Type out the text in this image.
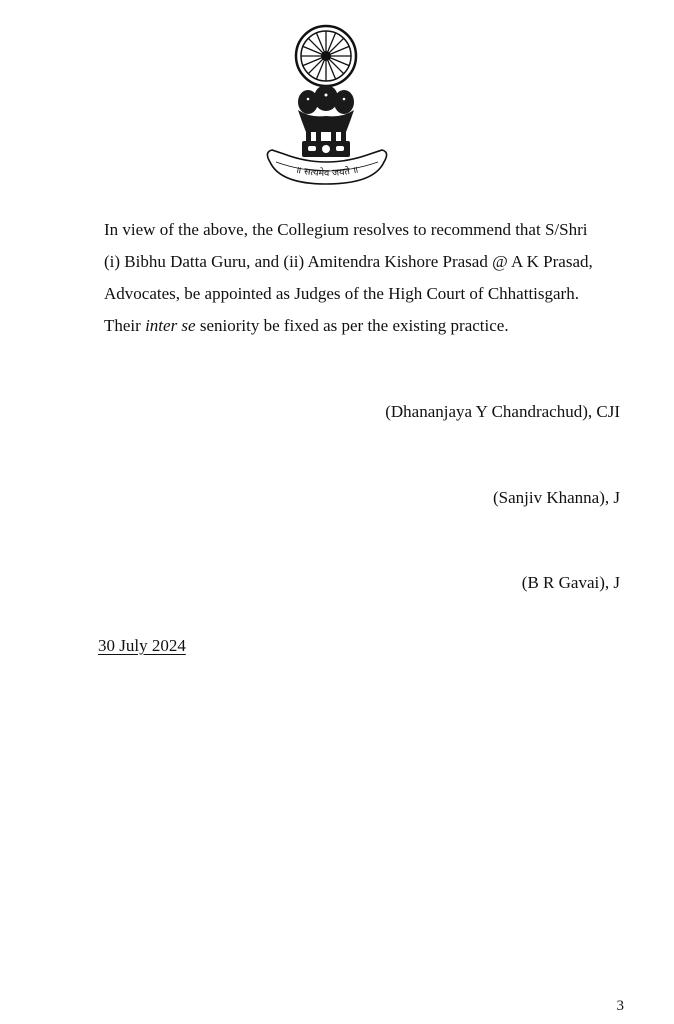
॥ सत्यमेव जयते ॥

In view of the above, the Collegium resolves to recommend that S/Shri
(i) Bibhu Datta Guru, and (ii) Amitendra Kishore Prasad @ A K Prasad,
Advocates, be appointed as Judges of the High Court of Chhattisgarh.
Their inter se seniority be fixed as per the existing practice.

(Dhananjaya Y Chandrachud), CJI
(Sanjiv Khanna), J
(B R Gavai), J
30 July 2024
3
